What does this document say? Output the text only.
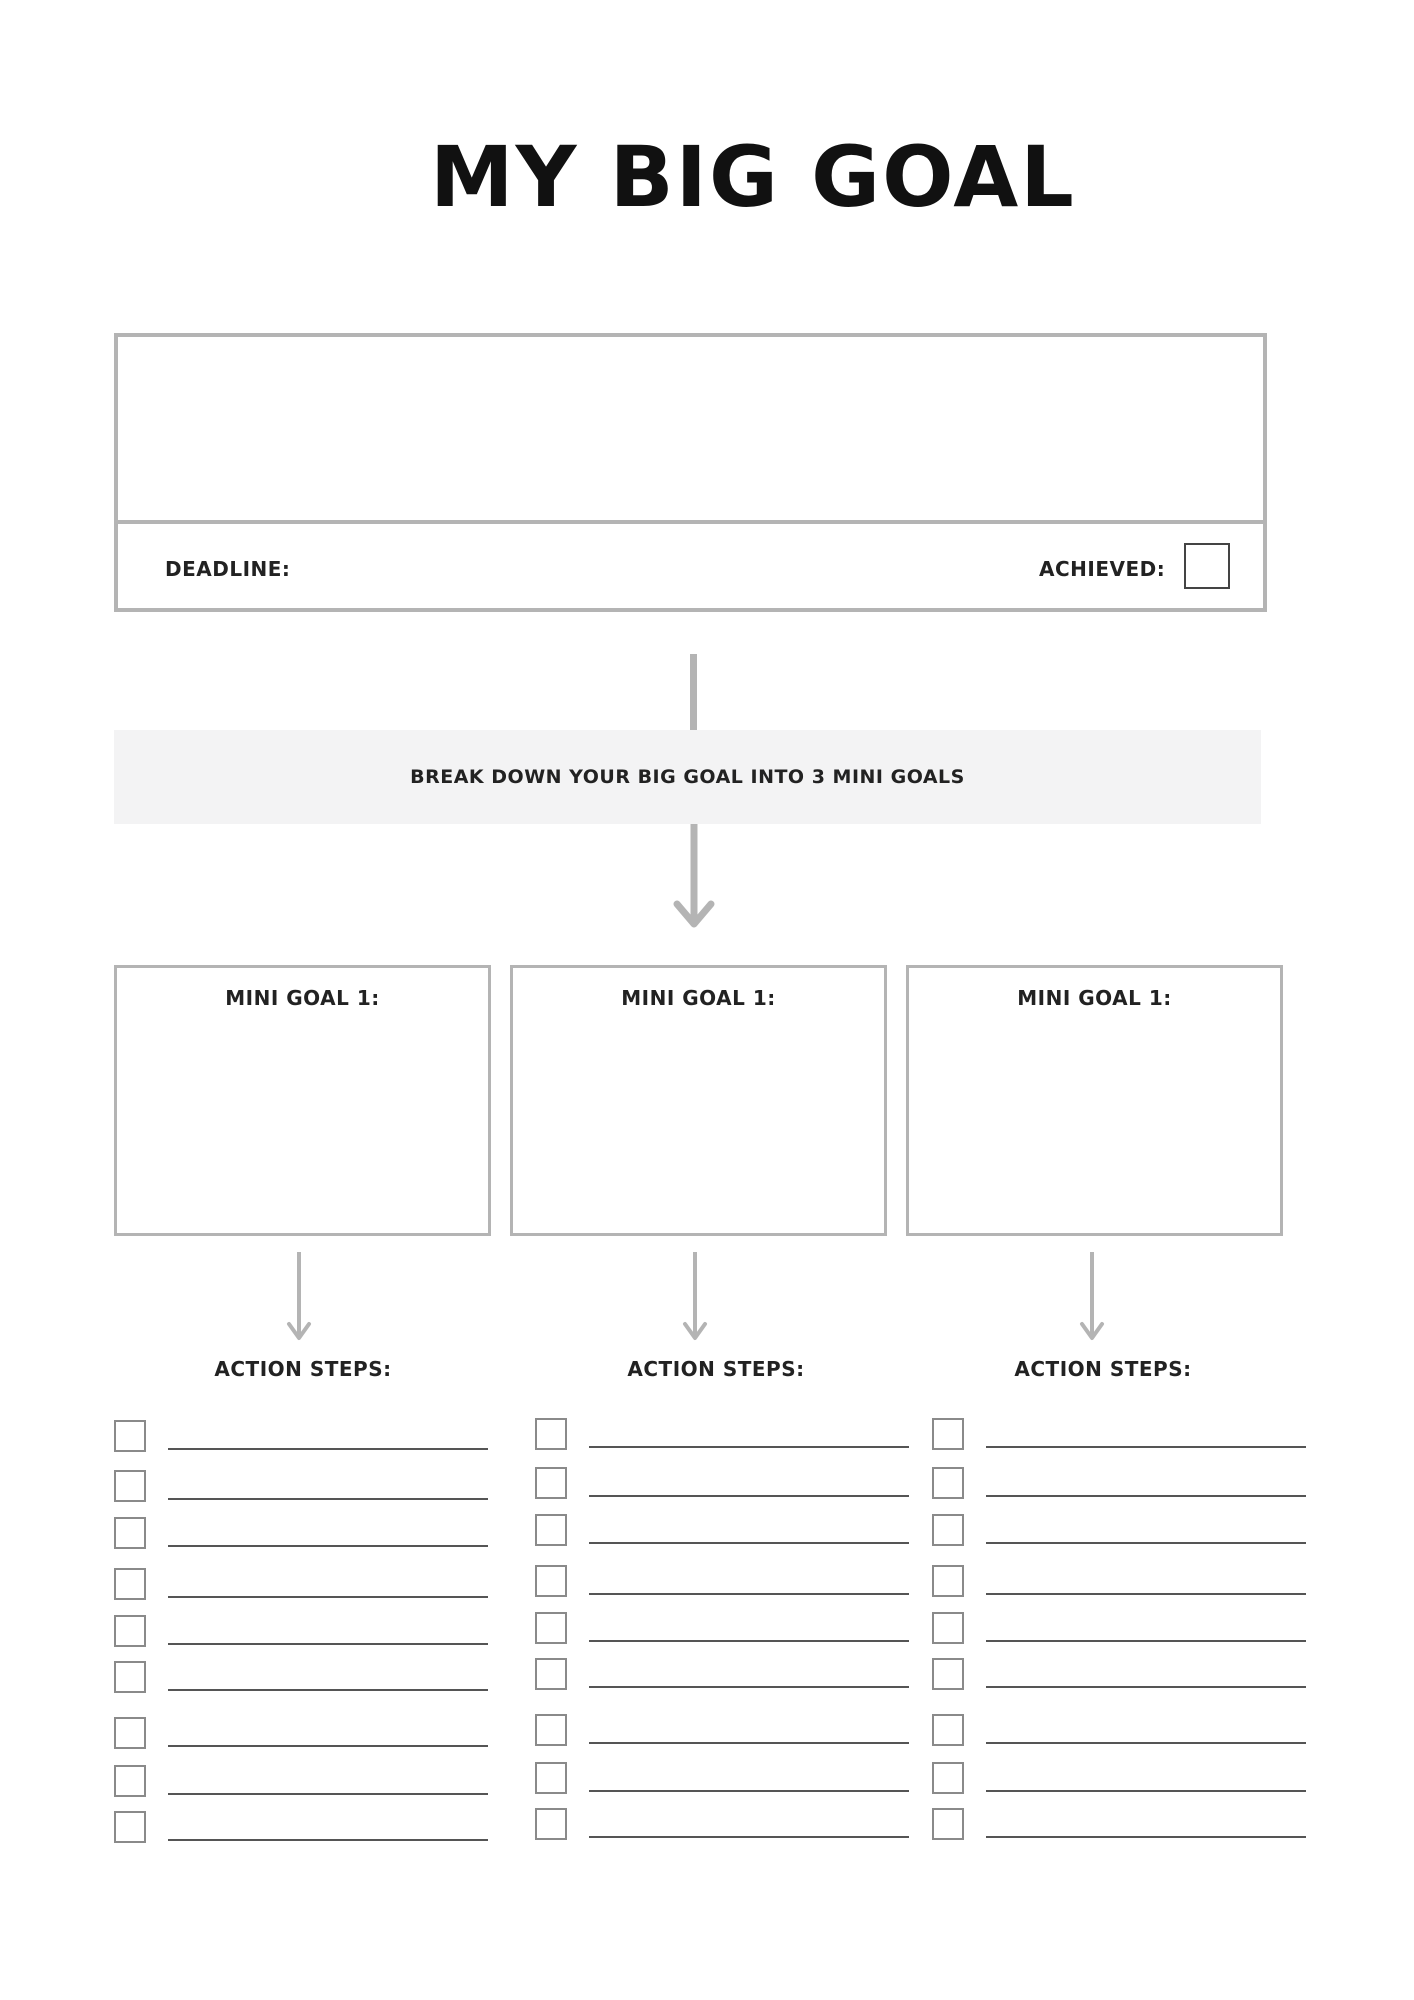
MY BIG GOAL
DEADLINE:	ACHIEVED:
BREAK DOWN YOUR BIG GOAL INTO 3 MINI GOALS
MINI GOAL 1:	MINI GOAL 1:	MINI GOAL 1:
ACTION STEPS:	ACTION STEPS:	ACTION STEPS:
